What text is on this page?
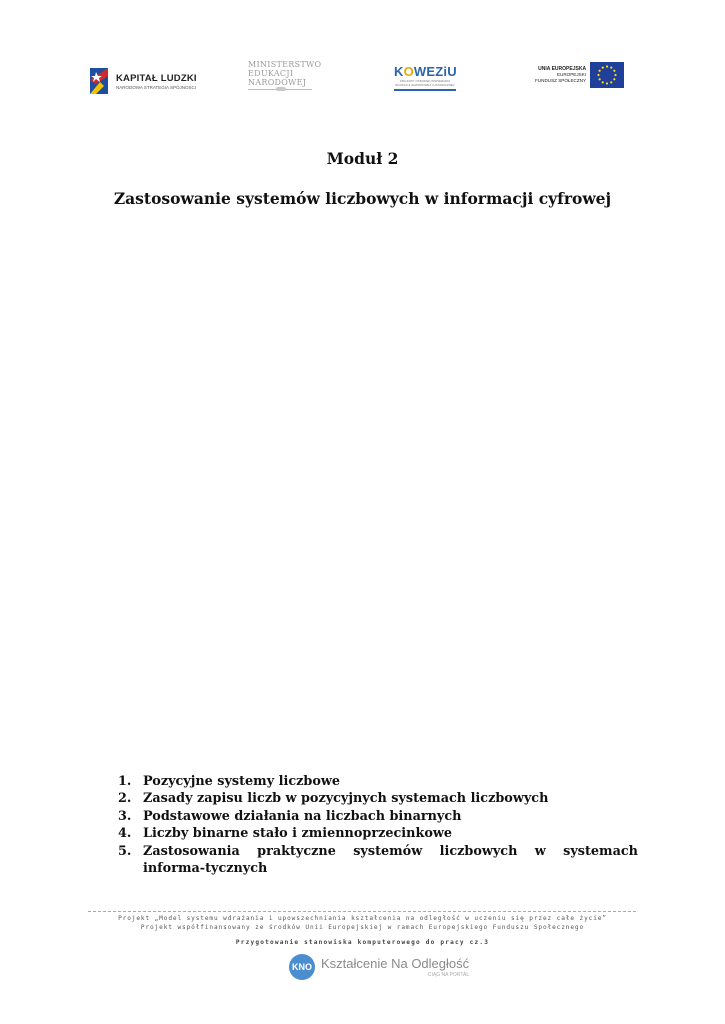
KAPITAŁ LUDZKI
NARODOWA STRATEGIA SPÓJNOŚCI
MINISTERSTWO
EDUKACJI
NARODOWEJ
KOWEZiU
KRAJOWY OŚRODEK WSPIERANIA EDUKACJI ZAWODOWEJ I USTAWICZNEJ
UNIA EUROPEJSKA
EUROPEJSKI
FUNDUSZ SPOŁECZNY
Moduł 2
Zastosowanie systemów liczbowych w informacji cyfrowej
1. Pozycyjne systemy liczbowe
2. Zasady zapisu liczb w pozycyjnych systemach liczbowych
3. Podstawowe działania na liczbach binarnych
4. Liczby binarne stało i zmiennoprzecinkowe
5. Zastosowania praktyczne systemów liczbowych w systemach informa-tycznych
Projekt „Model systemu wdrażania i upowszechniania kształcenia na odległość w uczeniu się przez całe życie”
Projekt współfinansowany ze środków Unii Europejskiej w ramach Europejskiego Funduszu Społecznego
Przygotowanie stanowiska komputerowego do pracy cz.3
KNO Kształcenie Na Odległość
CIĄG NA PORTAL
